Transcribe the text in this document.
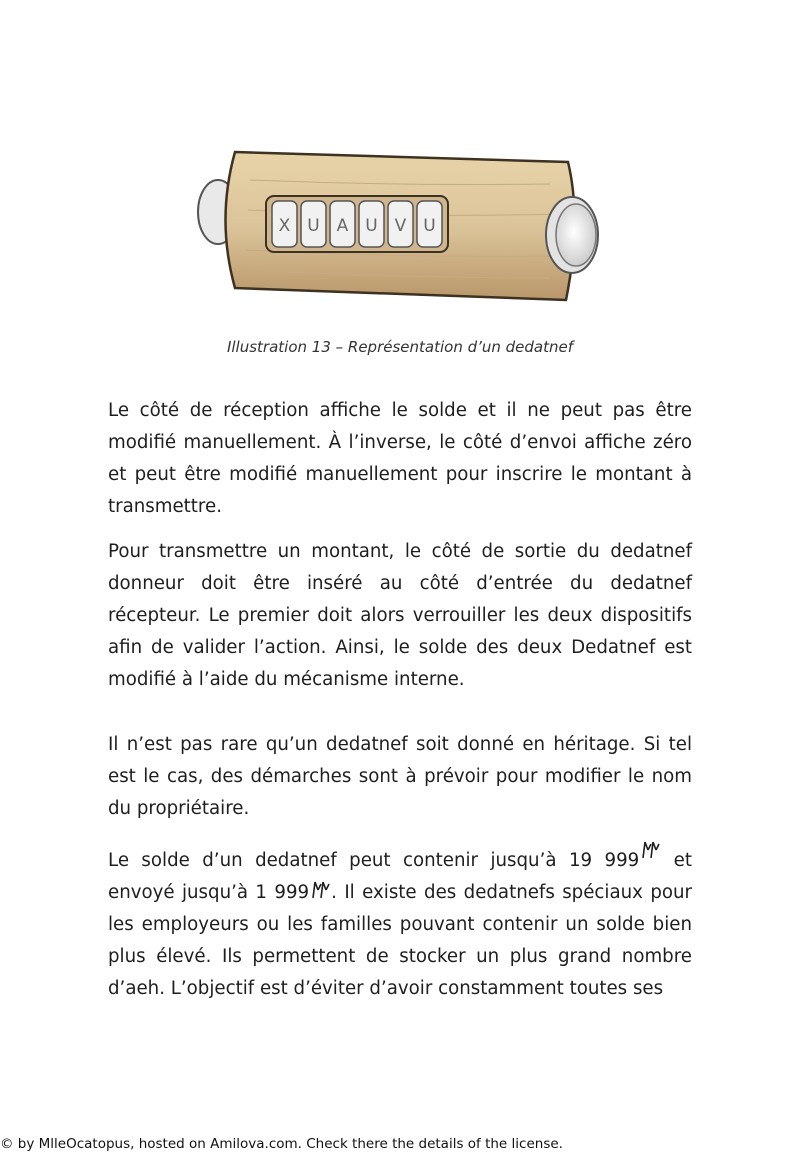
X U A U V U
Illustration 13 – Représentation d’un dedatnef

Le côté de réception affiche le solde et il ne peut pas être modifié manuellement. À l’inverse, le côté d’envoi affiche zéro et peut être modifié manuellement pour inscrire le montant à transmettre.

Pour transmettre un montant, le côté de sortie du dedatnef donneur doit être inséré au côté d’entrée du dedatnef récepteur. Le premier doit alors verrouiller les deux dispositifs afin de valider l’action. Ainsi, le solde des deux Dedatnef est modifié à l’aide du mécanisme interne.

Il n’est pas rare qu’un dedatnef soit donné en héritage. Si tel est le cas, des démarches sont à prévoir pour modifier le nom du propriétaire.

Le solde d’un dedatnef peut contenir jusqu’à 19 999 et envoyé jusqu’à 1 999 . Il existe des dedatnefs spéciaux pour les employeurs ou les familles pouvant contenir un solde bien plus élevé. Ils permettent de stocker un plus grand nombre d’aeh. L’objectif est d’éviter d’avoir constamment toutes ses

© by MlleOcatopus, hosted on Amilova.com. Check there the details of the license.
